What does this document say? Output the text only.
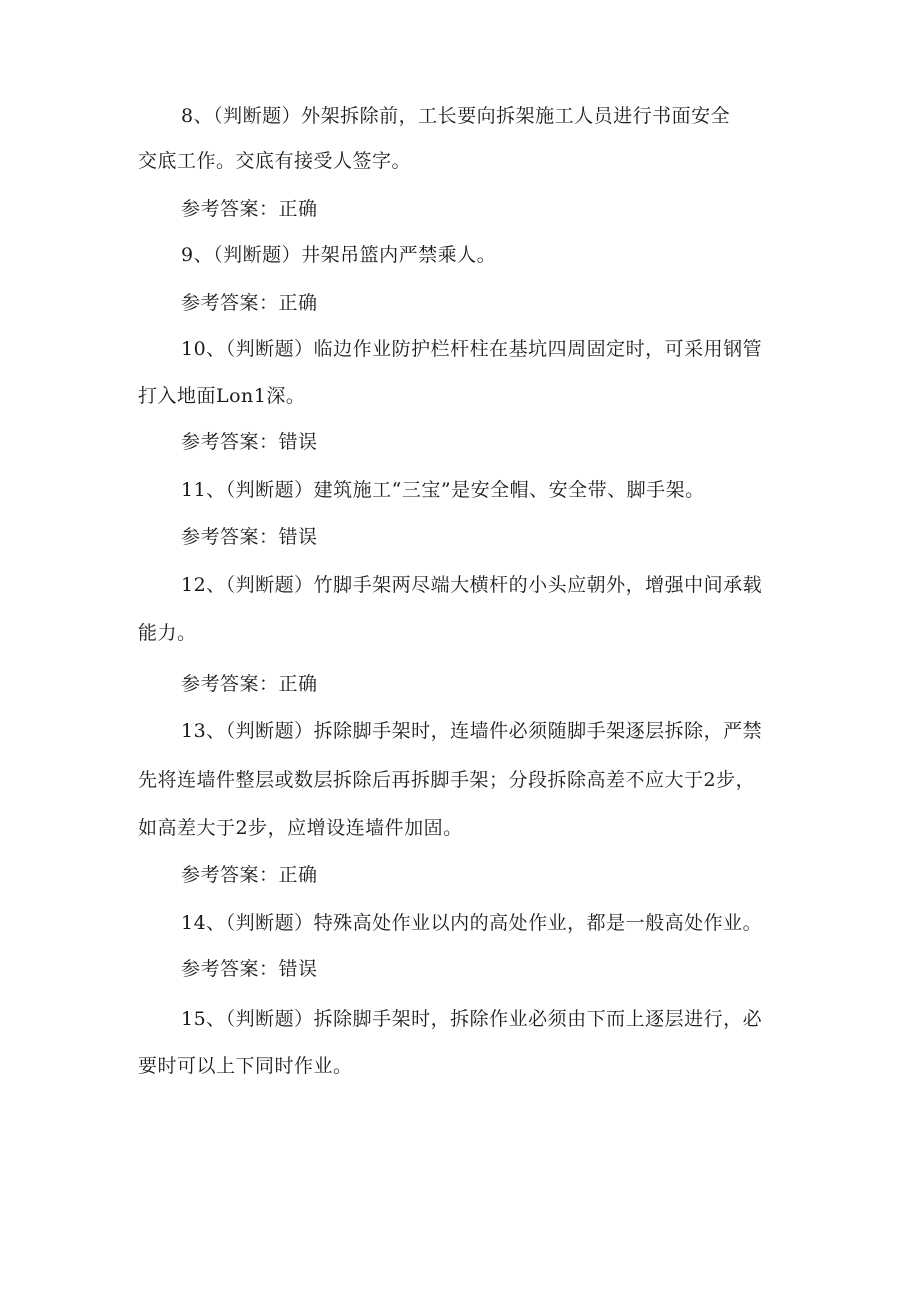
8、（判断题）外架拆除前，工长要向拆架施工人员进行书面安全
交底工作。交底有接受人签字。
参考答案：正确
9、（判断题）井架吊篮内严禁乘人。
参考答案：正确
10、（判断题）临边作业防护栏杆柱在基坑四周固定时，可采用钢管
打入地面Lon1深。
参考答案：错误
11、（判断题）建筑施工“三宝”是安全帽、安全带、脚手架。
参考答案：错误
12、（判断题）竹脚手架两尽端大横杆的小头应朝外，增强中间承载
能力。
参考答案：正确
13、（判断题）拆除脚手架时，连墙件必须随脚手架逐层拆除，严禁
先将连墙件整层或数层拆除后再拆脚手架；分段拆除高差不应大于2步，
如高差大于2步，应增设连墙件加固。
参考答案：正确
14、（判断题）特殊高处作业以内的高处作业，都是一般高处作业。
参考答案：错误
15、（判断题）拆除脚手架时，拆除作业必须由下而上逐层进行，必
要时可以上下同时作业。
